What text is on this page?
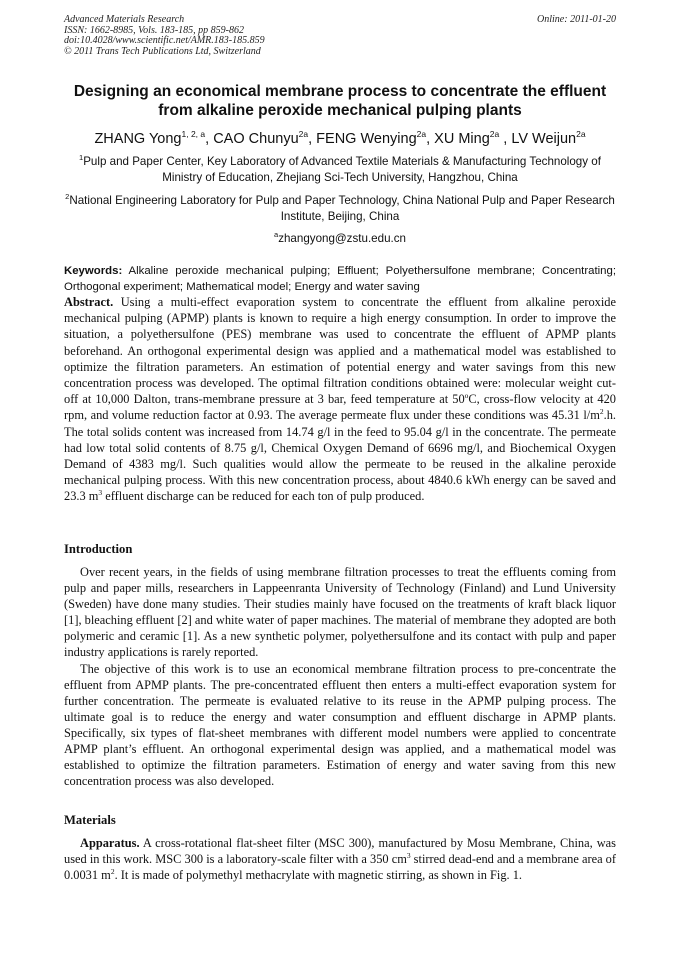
Advanced Materials Research
ISSN: 1662-8985, Vols. 183-185, pp 859-862
doi:10.4028/www.scientific.net/AMR.183-185.859
© 2011 Trans Tech Publications Ltd, Switzerland
Online: 2011-01-20
Designing an economical membrane process to concentrate the effluent from alkaline peroxide mechanical pulping plants
ZHANG Yong$^{1, 2, a}$, CAO Chunyu$^{2a}$, FENG Wenying$^{2a}$, XU Ming$^{2a}$ , LV Weijun$^{2a}$
$^1$Pulp and Paper Center, Key Laboratory of Advanced Textile Materials & Manufacturing Technology of Ministry of Education, Zhejiang Sci-Tech University, Hangzhou, China
$^2$National Engineering Laboratory for Pulp and Paper Technology, China National Pulp and Paper Research Institute, Beijing, China
$^a$zhangyong@zstu.edu.cn
Keywords: Alkaline peroxide mechanical pulping; Effluent; Polyethersulfone membrane; Concentrating; Orthogonal experiment; Mathematical model; Energy and water saving
Abstract. Using a multi-effect evaporation system to concentrate the effluent from alkaline peroxide mechanical pulping (APMP) plants is known to require a high energy consumption. In order to improve the situation, a polyethersulfone (PES) membrane was used to concentrate the effluent of APMP plants beforehand. An orthogonal experimental design was applied and a mathematical model was established to optimize the filtration parameters. An estimation of potential energy and water savings from this new concentration process was developed. The optimal filtration conditions obtained were: molecular weight cut-off at 10,000 Dalton, trans-membrane pressure at 3 bar, feed temperature at 50$^o$C, cross-flow velocity at 420 rpm, and volume reduction factor at 0.93. The average permeate flux under these conditions was 45.31 $l/m^2.h$. The total solids content was increased from 14.74 g/l in the feed to 95.04 g/l in the concentrate. The permeate had low total solid contents of 8.75 g/l, Chemical Oxygen Demand of 6696 mg/l, and Biochemical Oxygen Demand of 4383 mg/l. Such qualities would allow the permeate to be reused in the alkaline peroxide mechanical pulping process. With this new concentration process, about 4840.6 kWh energy can be saved and 23.3 $m^3$ effluent discharge can be reduced for each ton of pulp produced.
Introduction

Over recent years, in the fields of using membrane filtration processes to treat the effluents coming from pulp and paper mills, researchers in Lappeenranta University of Technology (Finland) and Lund University (Sweden) have done many studies. Their studies mainly have focused on the treatments of kraft black liquor [1], bleaching effluent [2] and white water of paper machines. The material of membrane they adopted are both polymeric and ceramic [1]. As a new synthetic polymer, polyethersulfone and its contact with pulp and paper industry applications is rarely reported.

The objective of this work is to use an economical membrane filtration process to pre-concentrate the effluent from APMP plants. The pre-concentrated effluent then enters a multi-effect evaporation system for further concentration. The permeate is evaluated relative to its reuse in the APMP pulping process. The ultimate goal is to reduce the energy and water consumption and effluent discharge in APMP plants. Specifically, six types of flat-sheet membranes with different model numbers were applied to concentrate APMP plant’s effluent. An orthogonal experimental design was applied, and a mathematical model was established to optimize the filtration parameters. Estimation of energy and water saving from this new concentration process was also developed.

Materials

Apparatus. A cross-rotational flat-sheet filter (MSC 300), manufactured by Mosu Membrane, China, was used in this work. MSC 300 is a laboratory-scale filter with a 350 $cm^3$ stirred dead-end and a membrane area of 0.0031 $m^2$. It is made of polymethyl methacrylate with magnetic stirring, as shown in Fig. 1.
